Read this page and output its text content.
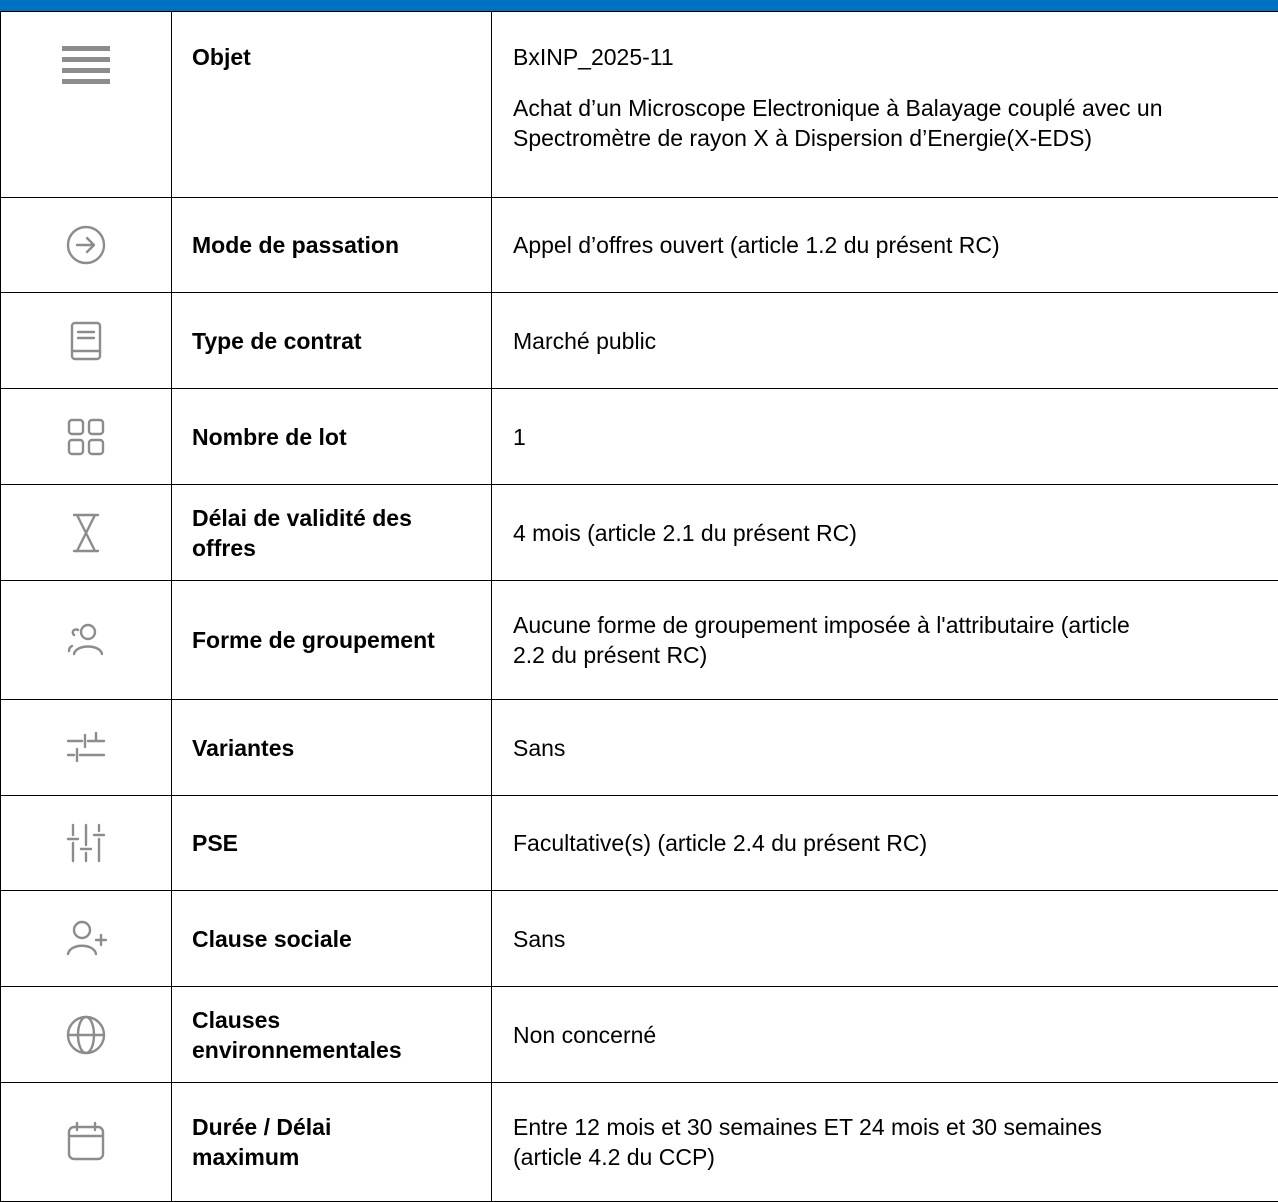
	Objet	BxINP_2025-11
Achat d’un Microscope Electronique à Balayage couplé avec un
Spectromètre de rayon X à Dispersion d’Energie(X-EDS)

	Mode de passation	Appel d’offres ouvert (article 1.2 du présent RC)

	Type de contrat	Marché public

	Nombre de lot	1

Délai de validité des
offres	4 mois (article 2.1 du présent RC)

	Forme de groupement	Aucune forme de groupement imposée à l'attributaire (article
2.2 du présent RC)

	Variantes	Sans

	PSE	Facultative(s) (article 2.4 du présent RC)

	Clause sociale	Sans

Clauses
environnementales	Non concerné

Durée / Délai
maximum	Entre 12 mois et 30 semaines ET 24 mois et 30 semaines
(article 4.2 du CCP)
